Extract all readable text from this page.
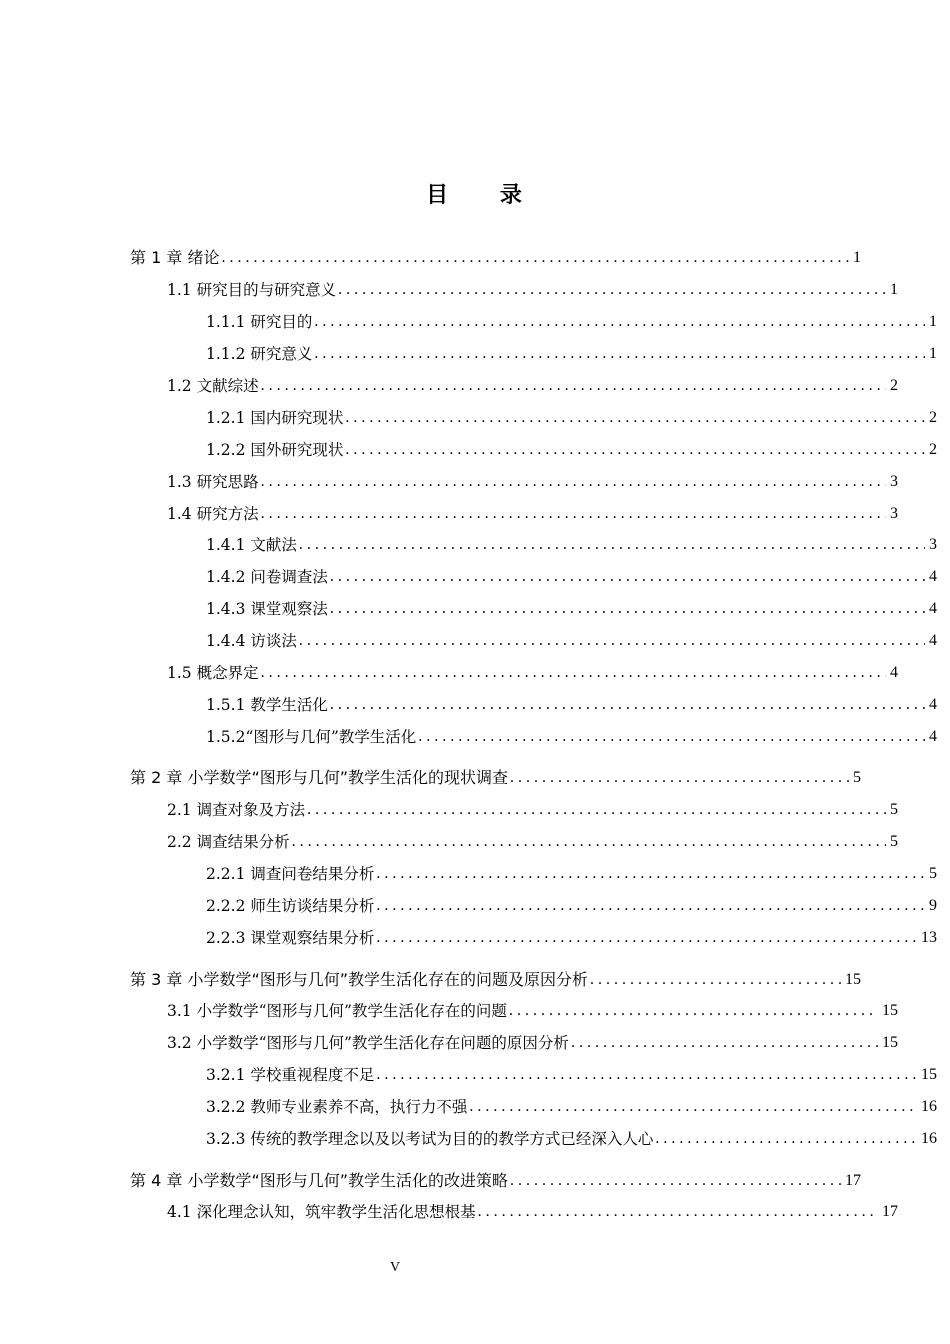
目 录
第 1 章 绪论 . . .	1
1.1 研究目的与研究意义 . . .	1
1.1.1 研究目的 . . .	1
1.1.2 研究意义 . . .	1
1.2 文献综述 . . .	2
1.2.1 国内研究现状 . . .	2
1.2.2 国外研究现状 . . .	2
1.3 研究思路 . . .	3
1.4 研究方法 . . .	3
1.4.1 文献法 . . .	3
1.4.2 问卷调查法 . . .	4
1.4.3 课堂观察法 . . .	4
1.4.4 访谈法 . . .	4
1.5 概念界定 . . .	4
1.5.1 教学生活化 . . .	4
1.5.2“图形与几何”教学生活化 . . .	4
第 2 章 小学数学“图形与几何”教学生活化的现状调查 . . .	5
2.1 调查对象及方法 . . .	5
2.2 调查结果分析 . . .	5
2.2.1 调查问卷结果分析 . . .	5
2.2.2 师生访谈结果分析 . . .	9
2.2.3 课堂观察结果分析 . . .	13
第 3 章 小学数学“图形与几何”教学生活化存在的问题及原因分析 . . .	15
3.1 小学数学“图形与几何”教学生活化存在的问题 . . .	15
3.2 小学数学“图形与几何”教学生活化存在问题的原因分析 . . .	15
3.2.1 学校重视程度不足 . . .	15
3.2.2 教师专业素养不高，执行力不强 . . .	16
3.2.3 传统的教学理念以及以考试为目的的教学方式已经深入人心 . . .	16
第 4 章 小学数学“图形与几何”教学生活化的改进策略 . . .	17
4.1 深化理念认知，筑牢教学生活化思想根基 . . .	17
V
